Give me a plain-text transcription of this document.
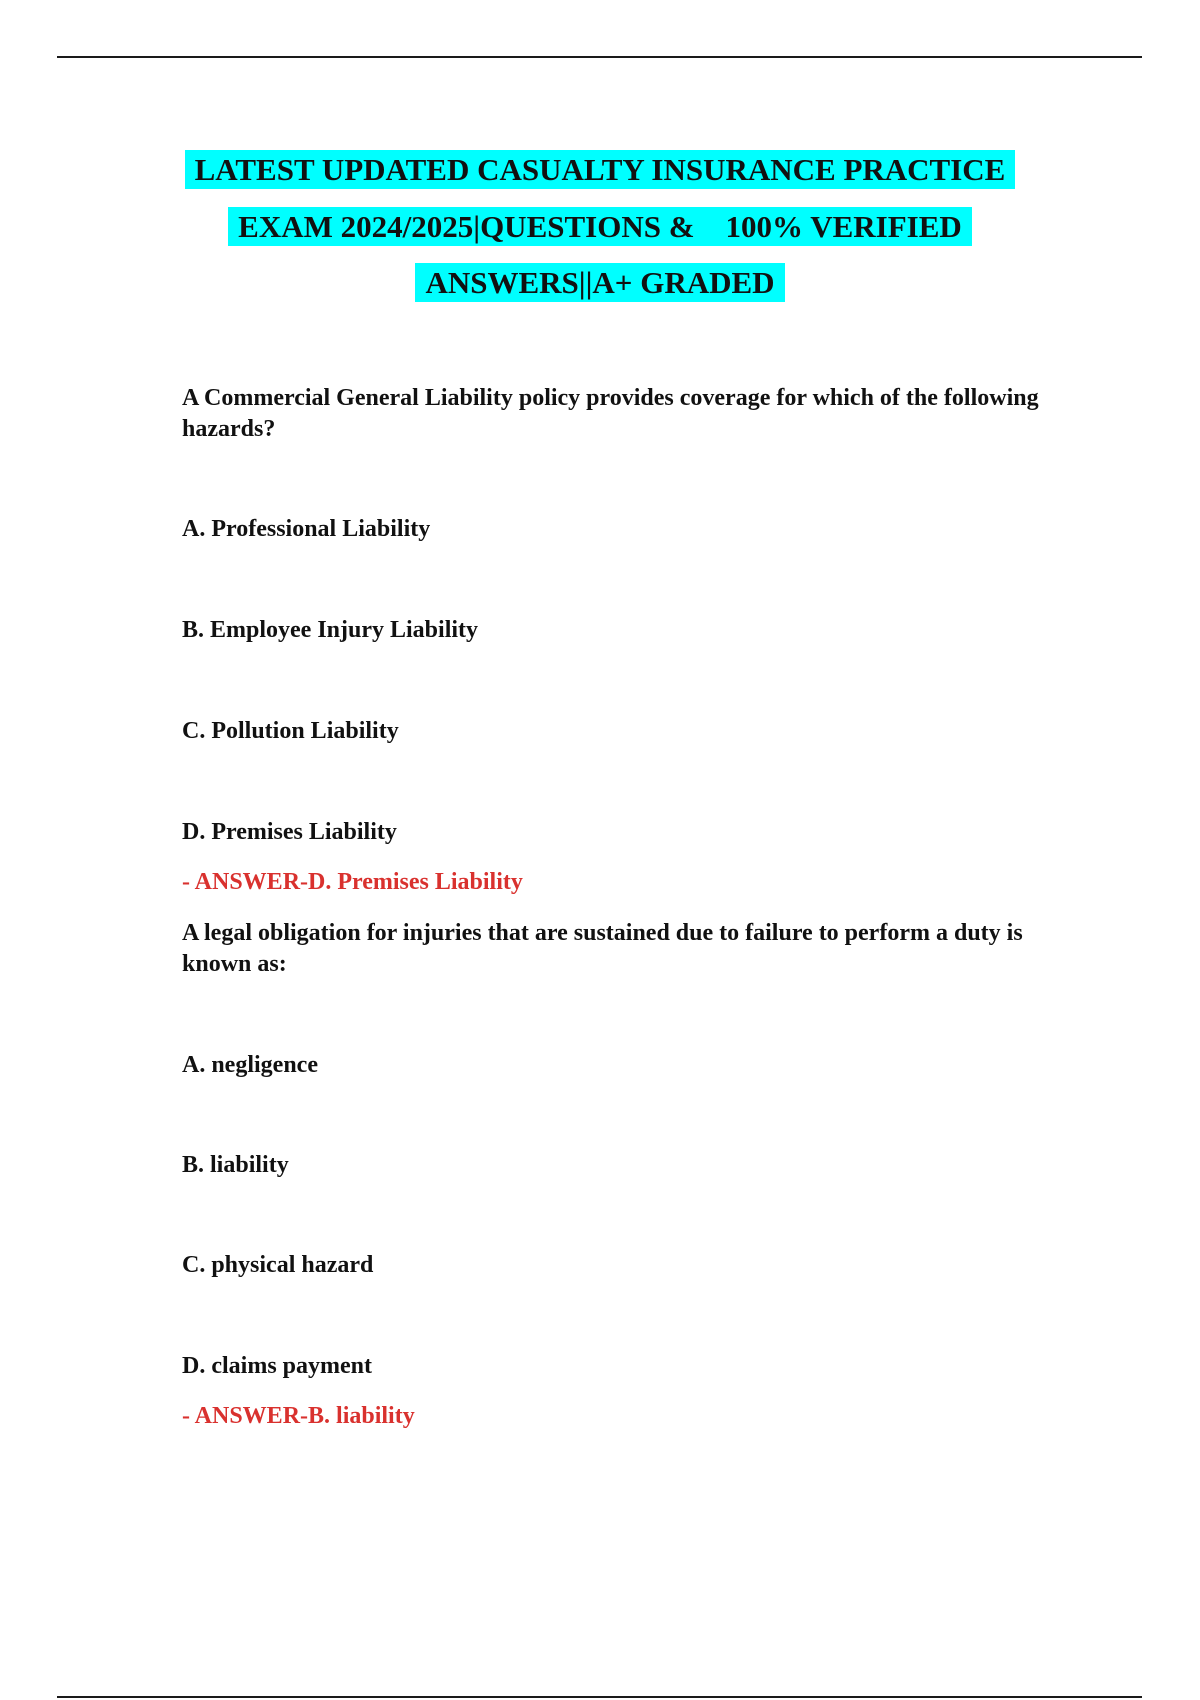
LATEST UPDATED CASUALTY INSURANCE PRACTICE
EXAM 2024/2025|QUESTIONS &    100% VERIFIED
ANSWERS||A+ GRADED

A Commercial General Liability policy provides coverage for which of the following hazards?

A. Professional Liability

B. Employee Injury Liability

C. Pollution Liability

D. Premises Liability

- ANSWER-D. Premises Liability

A legal obligation for injuries that are sustained due to failure to perform a duty is known as:

A. negligence

B. liability

C. physical hazard

D. claims payment

- ANSWER-B. liability
